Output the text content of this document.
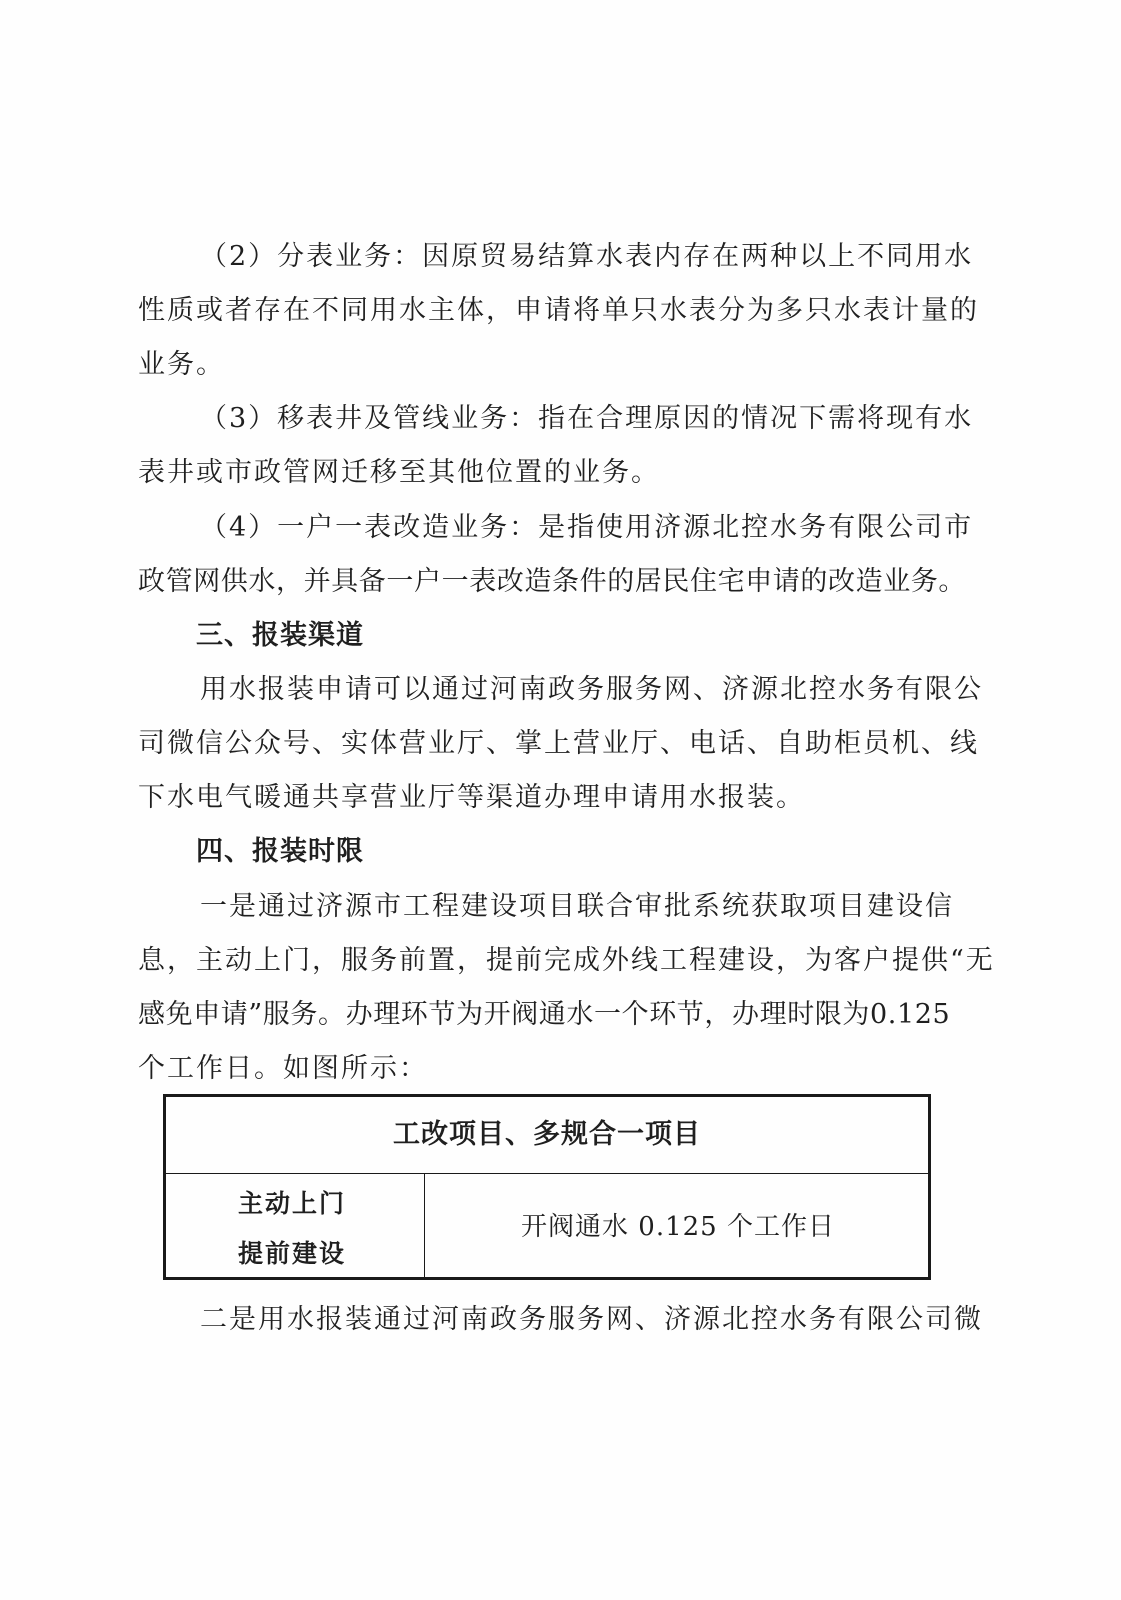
（2）分表业务：因原贸易结算水表内存在两种以上不同用水
性质或者存在不同用水主体，申请将单只水表分为多只水表计量的
业务。
（3）移表井及管线业务：指在合理原因的情况下需将现有水
表井或市政管网迁移至其他位置的业务。
（4）一户一表改造业务：是指使用济源北控水务有限公司市
政管网供水，并具备一户一表改造条件的居民住宅申请的改造业务。
三、报装渠道
用水报装申请可以通过河南政务服务网、济源北控水务有限公
司微信公众号、实体营业厅、掌上营业厅、电话、自助柜员机、线
下水电气暖通共享营业厅等渠道办理申请用水报装。
四、报装时限
一是通过济源市工程建设项目联合审批系统获取项目建设信
息，主动上门，服务前置，提前完成外线工程建设，为客户提供“无
感免申请”服务。办理环节为开阀通水一个环节，办理时限为0.125
个工作日。如图所示：
工改项目、多规合一项目
主动上门
提前建设
开阀通水 0.125 个工作日
二是用水报装通过河南政务服务网、济源北控水务有限公司微
